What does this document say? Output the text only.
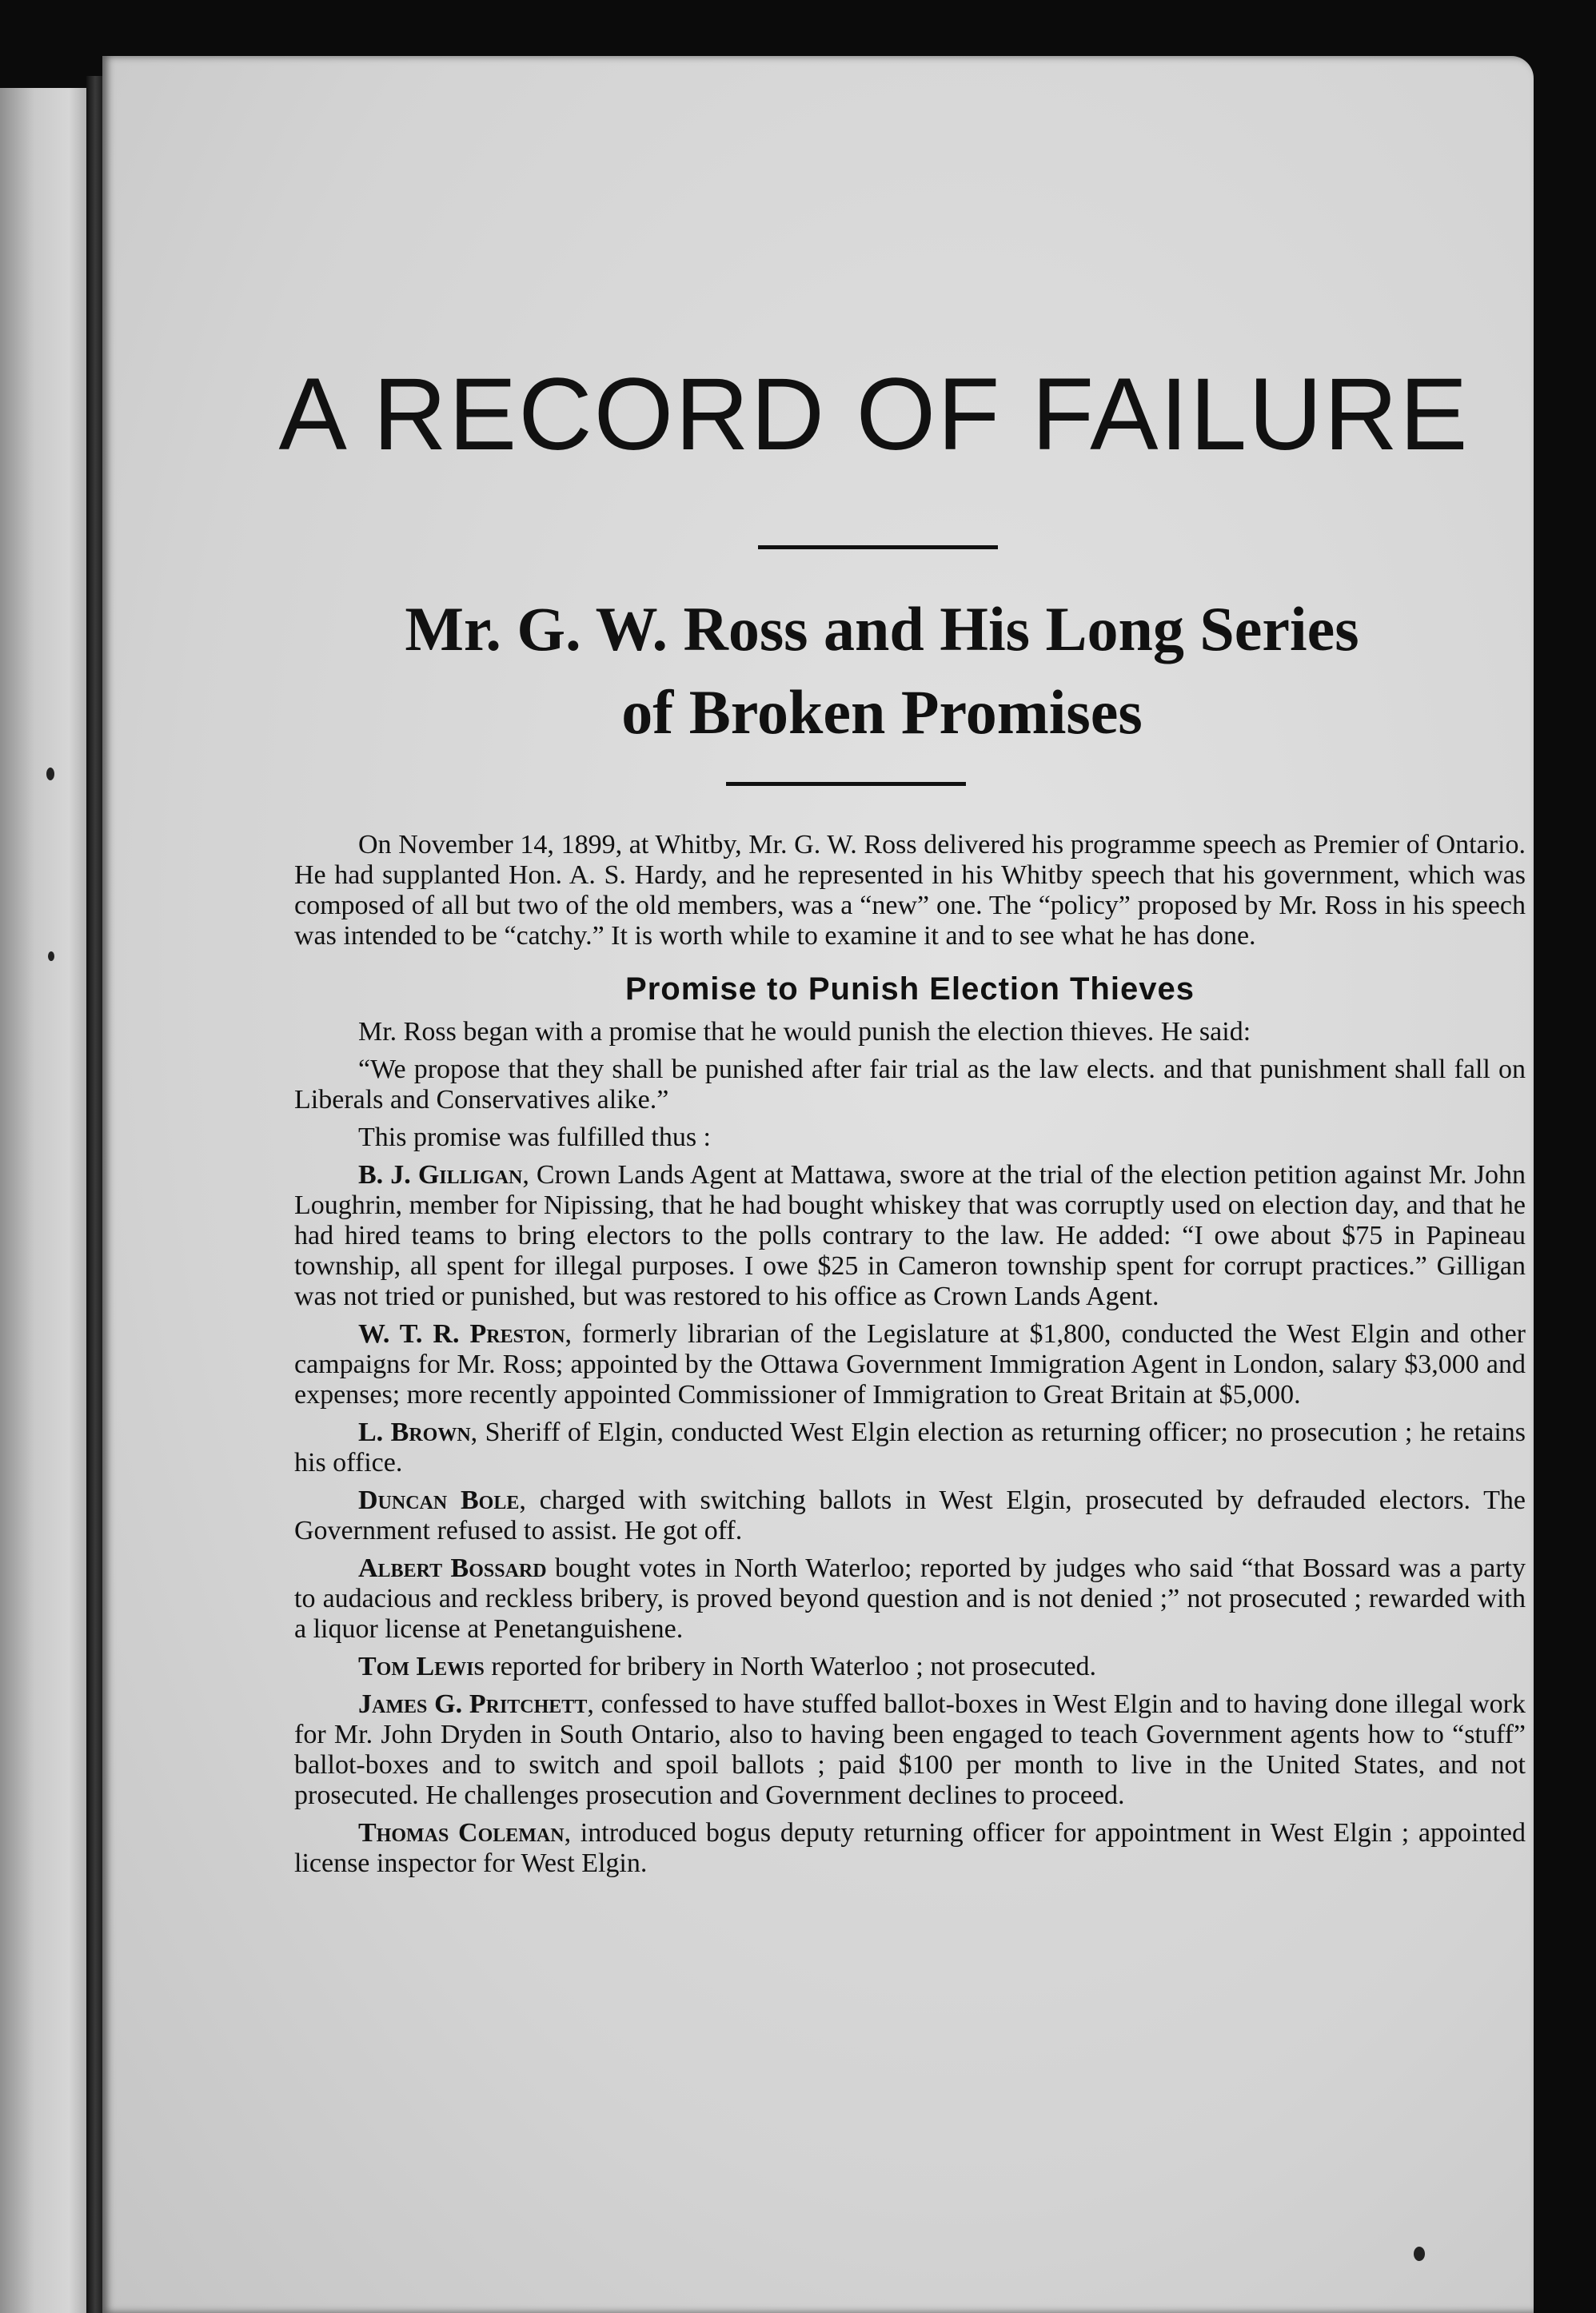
A RECORD OF FAILURE
Mr. G. W. Ross and His Long Series
of Broken Promises

On November 14, 1899, at Whitby, Mr. G. W. Ross delivered his programme speech as Premier of Ontario. He had supplanted Hon. A. S. Hardy, and he represented in his Whitby speech that his government, which was composed of all but two of the old members, was a “new” one. The “policy” proposed by Mr. Ross in his speech was intended to be “catchy.” It is worth while to examine it and to see what he has done.

Promise to Punish Election Thieves

Mr. Ross began with a promise that he would punish the election thieves. He said:

“We propose that they shall be punished after fair trial as the law elects. and that punishment shall fall on Liberals and Conservatives alike.”

This promise was fulfilled thus :

B. J. Gilligan, Crown Lands Agent at Mattawa, swore at the trial of the election petition against Mr. John Loughrin, member for Nipissing, that he had bought whiskey that was corruptly used on election day, and that he had hired teams to bring electors to the polls contrary to the law. He added: “I owe about $75 in Papineau township, all spent for illegal purposes. I owe $25 in Cameron township spent for corrupt practices.” Gilligan was not tried or punished, but was restored to his office as Crown Lands Agent.

W. T. R. Preston, formerly librarian of the Legislature at $1,800, conducted the West Elgin and other campaigns for Mr. Ross; appointed by the Ottawa Government Immigration Agent in London, salary $3,000 and expenses; more recently appointed Commissioner of Immigration to Great Britain at $5,000.

L. Brown, Sheriff of Elgin, conducted West Elgin election as returning officer; no prosecution ; he retains his office.

Duncan Bole, charged with switching ballots in West Elgin, prosecuted by defrauded electors. The Government refused to assist. He got off.

Albert Bossard bought votes in North Waterloo; reported by judges who said “that Bossard was a party to audacious and reckless bribery, is proved beyond question and is not denied ;” not prosecuted ; rewarded with a liquor license at Penetanguishene.

Tom Lewis reported for bribery in North Waterloo ; not prosecuted.

James G. Pritchett, confessed to have stuffed ballot-boxes in West Elgin and to having done illegal work for Mr. John Dryden in South Ontario, also to having been engaged to teach Government agents how to “stuff” ballot-boxes and to switch and spoil ballots ; paid $100 per month to live in the United States, and not prosecuted. He challenges prosecution and Government declines to proceed.

Thomas Coleman, introduced bogus deputy returning officer for appointment in West Elgin ; appointed license inspector for West Elgin.
